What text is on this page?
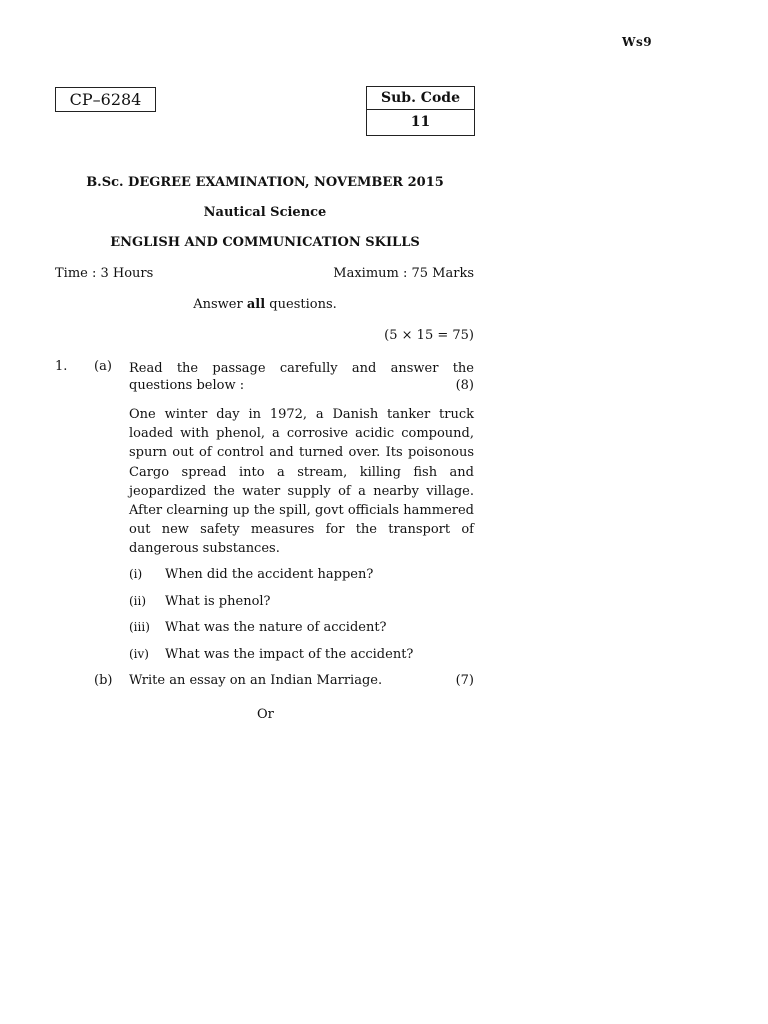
Ws9
CP–6284	Sub. Code
11
B.Sc. DEGREE EXAMINATION, NOVEMBER 2015
Nautical Science
ENGLISH AND COMMUNICATION SKILLS
Time : 3 Hours	Maximum : 75 Marks
Answer all questions.
(5 × 15 = 75)
1. (a) Read the passage carefully and answer the
questions below :	(8)
One winter day in 1972, a Danish tanker truck
loaded with phenol, a corrosive acidic compound,
spurn out of control and turned over. Its poisonous
Cargo spread into a stream, killing fish and
jeopardized the water supply of a nearby village.
After clearning up the spill, govt officials hammered
out new safety measures for the transport of
dangerous substances.
(i) When did the accident happen?
(ii) What is phenol?
(iii) What was the nature of accident?
(iv) What was the impact of the accident?
(b) Write an essay on an Indian Marriage.	(7)
Or
